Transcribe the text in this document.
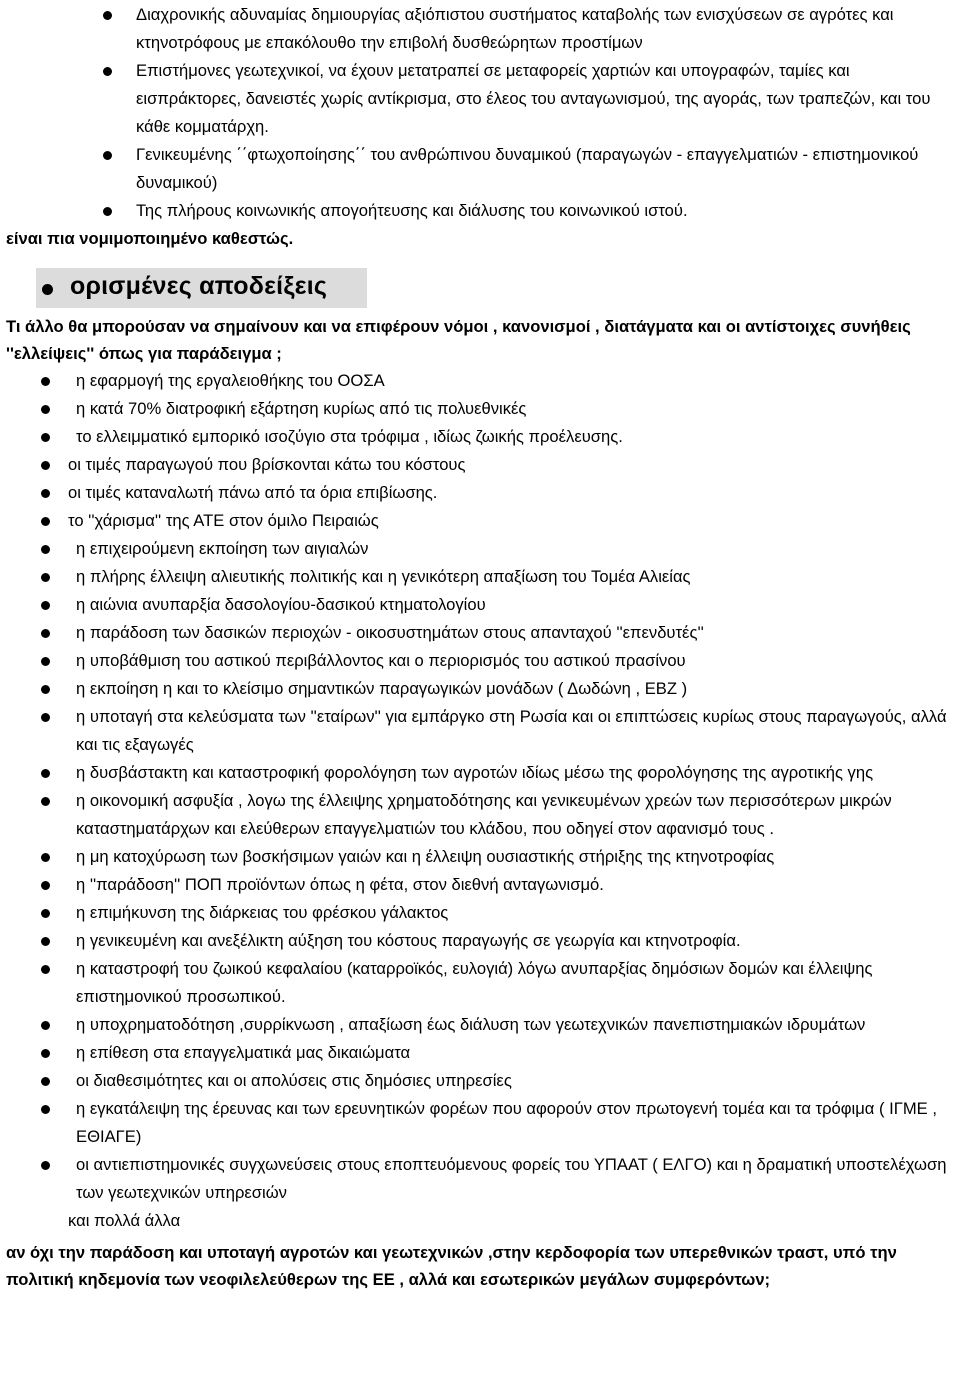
Διαχρονικής αδυναμίας δημιουργίας αξιόπιστου συστήματος καταβολής των ενισχύσεων σε αγρότες και κτηνοτρόφους με επακόλουθο την επιβολή δυσθεώρητων προστίμων
Επιστήμονες γεωτεχνικοί, να έχουν μετατραπεί σε μεταφορείς χαρτιών και υπογραφών, ταμίες και εισπράκτορες, δανειστές χωρίς αντίκρισμα, στο έλεος του ανταγωνισμού, της αγοράς, των τραπεζών, και του κάθε κομματάρχη.
Γενικευμένης ΄΄φτωχοποίησης΄΄ του ανθρώπινου δυναμικού (παραγωγών - επαγγελματιών - επιστημονικού δυναμικού)
Της πλήρους κοινωνικής απογοήτευσης και διάλυσης του κοινωνικού ιστού.
είναι πια νομιμοποιημένο καθεστώς.
ορισμένες αποδείξεις
Τι άλλο θα μπορούσαν να σημαίνουν και να επιφέρουν νόμοι , κανονισμοί , διατάγματα και οι αντίστοιχες συνήθεις ''ελλείψεις'' όπως για παράδειγμα ;
η εφαρμογή της εργαλειοθήκης του ΟΟΣΑ
η κατά 70% διατροφική εξάρτηση κυρίως από τις πολυεθνικές
το ελλειμματικό εμπορικό ισοζύγιο στα τρόφιμα , ιδίως ζωικής προέλευσης.
οι τιμές παραγωγού που βρίσκονται κάτω του κόστους
οι τιμές καταναλωτή πάνω από τα όρια επιβίωσης.
το ''χάρισμα'' της ΑΤΕ στον όμιλο Πειραιώς
η επιχειρούμενη εκποίηση των αιγιαλών
η πλήρης έλλειψη αλιευτικής πολιτικής και η γενικότερη απαξίωση του Τομέα Αλιείας
η αιώνια ανυπαρξία δασολογίου-δασικού κτηματολογίου
η παράδοση των δασικών περιοχών - οικοσυστημάτων στους απανταχού ''επενδυτές''
η υποβάθμιση του αστικού περιβάλλοντος και ο περιορισμός του αστικού πρασίνου
η εκποίηση η και το κλείσιμο σημαντικών παραγωγικών μονάδων ( Δωδώνη , ΕΒΖ )
η υποταγή στα κελεύσματα των ''εταίρων'' για εμπάργκο στη Ρωσία και οι επιπτώσεις κυρίως στους παραγωγούς, αλλά και τις εξαγωγές
η δυσβάστακτη και καταστροφική φορολόγηση των αγροτών ιδίως μέσω της φορολόγησης της αγροτικής γης
η οικονομική ασφυξία , λογω της έλλειψης χρηματοδότησης και γενικευμένων χρεών των περισσότερων μικρών καταστηματάρχων και ελεύθερων επαγγελματιών του κλάδου, που οδηγεί στον αφανισμό τους .
η μη κατοχύρωση των βοσκήσιμων γαιών και η έλλειψη ουσιαστικής στήριξης της κτηνοτροφίας
η ''παράδοση'' ΠΟΠ προϊόντων όπως η φέτα, στον διεθνή ανταγωνισμό.
η επιμήκυνση της διάρκειας του φρέσκου γάλακτος
η γενικευμένη και ανεξέλικτη αύξηση του κόστους παραγωγής σε γεωργία και κτηνοτροφία.
η καταστροφή του ζωικού κεφαλαίου (καταρροϊκός, ευλογιά) λόγω ανυπαρξίας δημόσιων δομών και έλλειψης επιστημονικού προσωπικού.
η υποχρηματοδότηση ,συρρίκνωση , απαξίωση έως διάλυση των γεωτεχνικών πανεπιστημιακών ιδρυμάτων
η επίθεση στα επαγγελματικά μας δικαιώματα
οι διαθεσιμότητες και οι απολύσεις στις δημόσιες υπηρεσίες
η εγκατάλειψη της έρευνας και των ερευνητικών φορέων που αφορούν στον πρωτογενή τομέα και τα τρόφιμα ( ΙΓΜΕ , ΕΘΙΑΓΕ)
οι αντιεπιστημονικές συγχωνεύσεις στους εποπτευόμενους φορείς του ΥΠΑΑΤ ( ΕΛΓΟ) και η δραματική υποστελέχωση των γεωτεχνικών υπηρεσιών
και πολλά άλλα
αν όχι την παράδοση και υποταγή αγροτών και γεωτεχνικών ,στην κερδοφορία των υπερεθνικών τραστ, υπό την πολιτική κηδεμονία των νεοφιλελεύθερων της ΕΕ , αλλά και εσωτερικών μεγάλων συμφερόντων;
